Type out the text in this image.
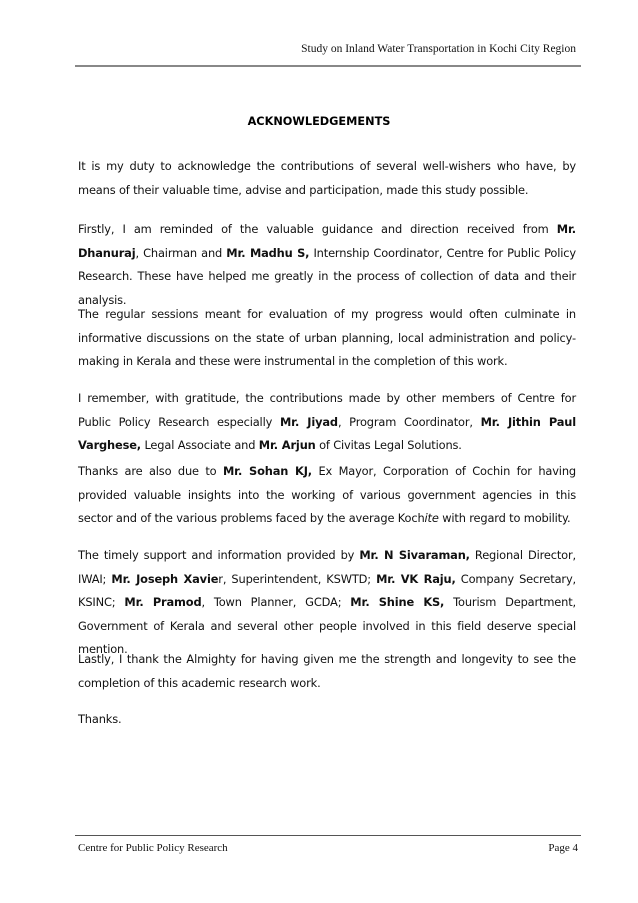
Study on Inland Water Transportation in Kochi City Region
ACKNOWLEDGEMENTS

It is my duty to acknowledge the contributions of several well-wishers who have, by means of their valuable time, advise and participation, made this study possible.

Firstly, I am reminded of the valuable guidance and direction received from Mr. Dhanuraj, Chairman and Mr. Madhu S, Internship Coordinator, Centre for Public Policy Research. These have helped me greatly in the process of collection of data and their analysis.

The regular sessions meant for evaluation of my progress would often culminate in informative discussions on the state of urban planning, local administration and policy-making in Kerala and these were instrumental in the completion of this work.

I remember, with gratitude, the contributions made by other members of Centre for Public Policy Research especially Mr. Jiyad, Program Coordinator, Mr. Jithin Paul Varghese, Legal Associate and Mr. Arjun of Civitas Legal Solutions.

Thanks are also due to Mr. Sohan KJ, Ex Mayor, Corporation of Cochin for having provided valuable insights into the working of various government agencies in this sector and of the various problems faced by the average Kochite with regard to mobility.

The timely support and information provided by Mr. N Sivaraman, Regional Director, IWAI; Mr. Joseph Xavier, Superintendent, KSWTD; Mr. VK Raju, Company Secretary, KSINC; Mr. Pramod, Town Planner, GCDA; Mr. Shine KS, Tourism Department, Government of Kerala and several other people involved in this field deserve special mention.

Lastly, I thank the Almighty for having given me the strength and longevity to see the completion of this academic research work.

Thanks.

Centre for Public Policy Research	Page 4
